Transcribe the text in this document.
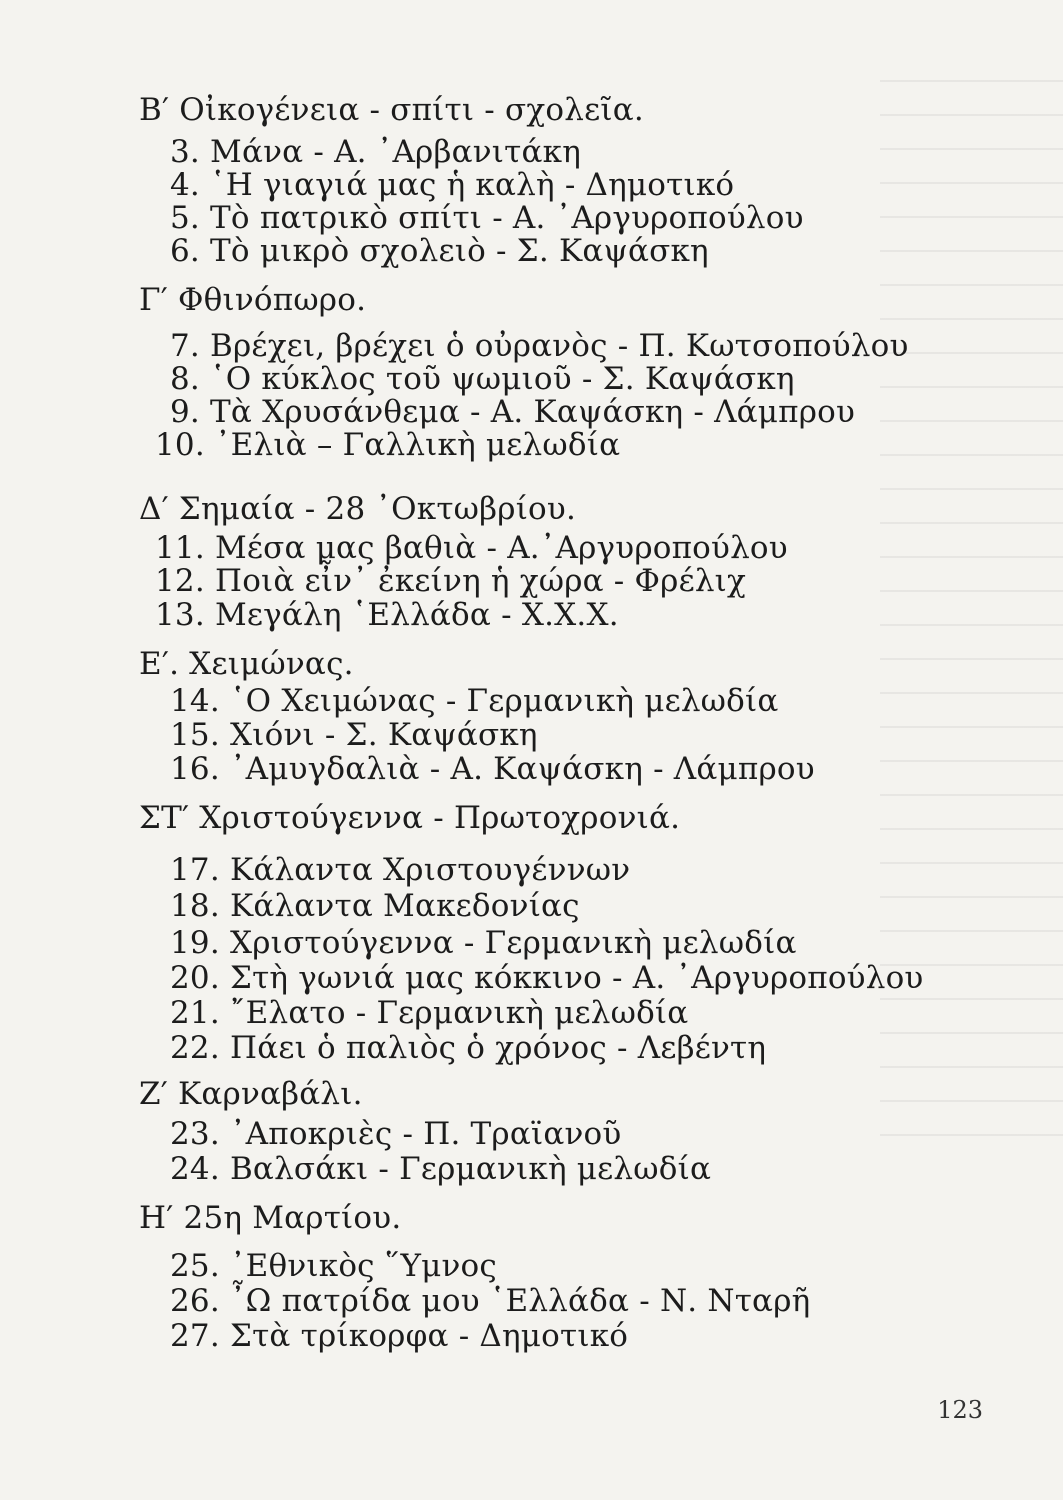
Β′ Οἰκογένεια - σπίτι - σχολεῖα.
3. Μάνα - Α. ᾿Αρβανιτάκη
4. ῾Η γιαγιά μας ἡ καλὴ - Δημοτικό
5. Τὸ πατρικὸ σπίτι - Α. ᾿Αργυροπούλου
6. Τὸ μικρὸ σχολειὸ - Σ. Καψάσκη
Γ′ Φθινόπωρο.
7. Βρέχει, βρέχει ὁ οὐρανὸς - Π. Κωτσοπούλου
8. ῾Ο κύκλος τοῦ ψωμιοῦ - Σ. Καψάσκη
9. Τὰ Χρυσάνθεμα - Α. Καψάσκη - Λάμπρου
10. ᾿Ελιὰ – Γαλλικὴ μελωδία
Δ′ Σημαία - 28 ᾿Οκτωβρίου.
11. Μέσα μας βαθιὰ - Α.᾿Αργυροπούλου
12. Ποιὰ εἶν᾿ ἐκείνη ἡ χώρα - Φρέλιχ
13. Μεγάλη ῾Ελλάδα - Χ.Χ.Χ.
Ε′. Χειμώνας.
14. ῾Ο Χειμώνας - Γερμανικὴ μελωδία
15. Χιόνι - Σ. Καψάσκη
16. ᾿Αμυγδαλιὰ - Α. Καψάσκη - Λάμπρου
ΣΤ′ Χριστούγεννα - Πρωτοχρονιά.
17. Κάλαντα Χριστουγέννων
18. Κάλαντα Μακεδονίας
19. Χριστούγεννα - Γερμανικὴ μελωδία
20. Στὴ γωνιά μας κόκκινο - Α. ᾿Αργυροπούλου
21. ῎Ελατο - Γερμανικὴ μελωδία
22. Πάει ὁ παλιὸς ὁ χρόνος - Λεβέντη
Ζ′ Καρναβάλι.
23. ᾿Αποκριὲς - Π. Τραϊανοῦ
24. Βαλσάκι - Γερμανικὴ μελωδία
Η′ 25η Μαρτίου.
25. ᾿Εθνικὸς ῞Υμνος
26. ῏Ω πατρίδα μου ῾Ελλάδα - Ν. Νταρῆ
27. Στὰ τρίκορφα - Δημοτικό
123
